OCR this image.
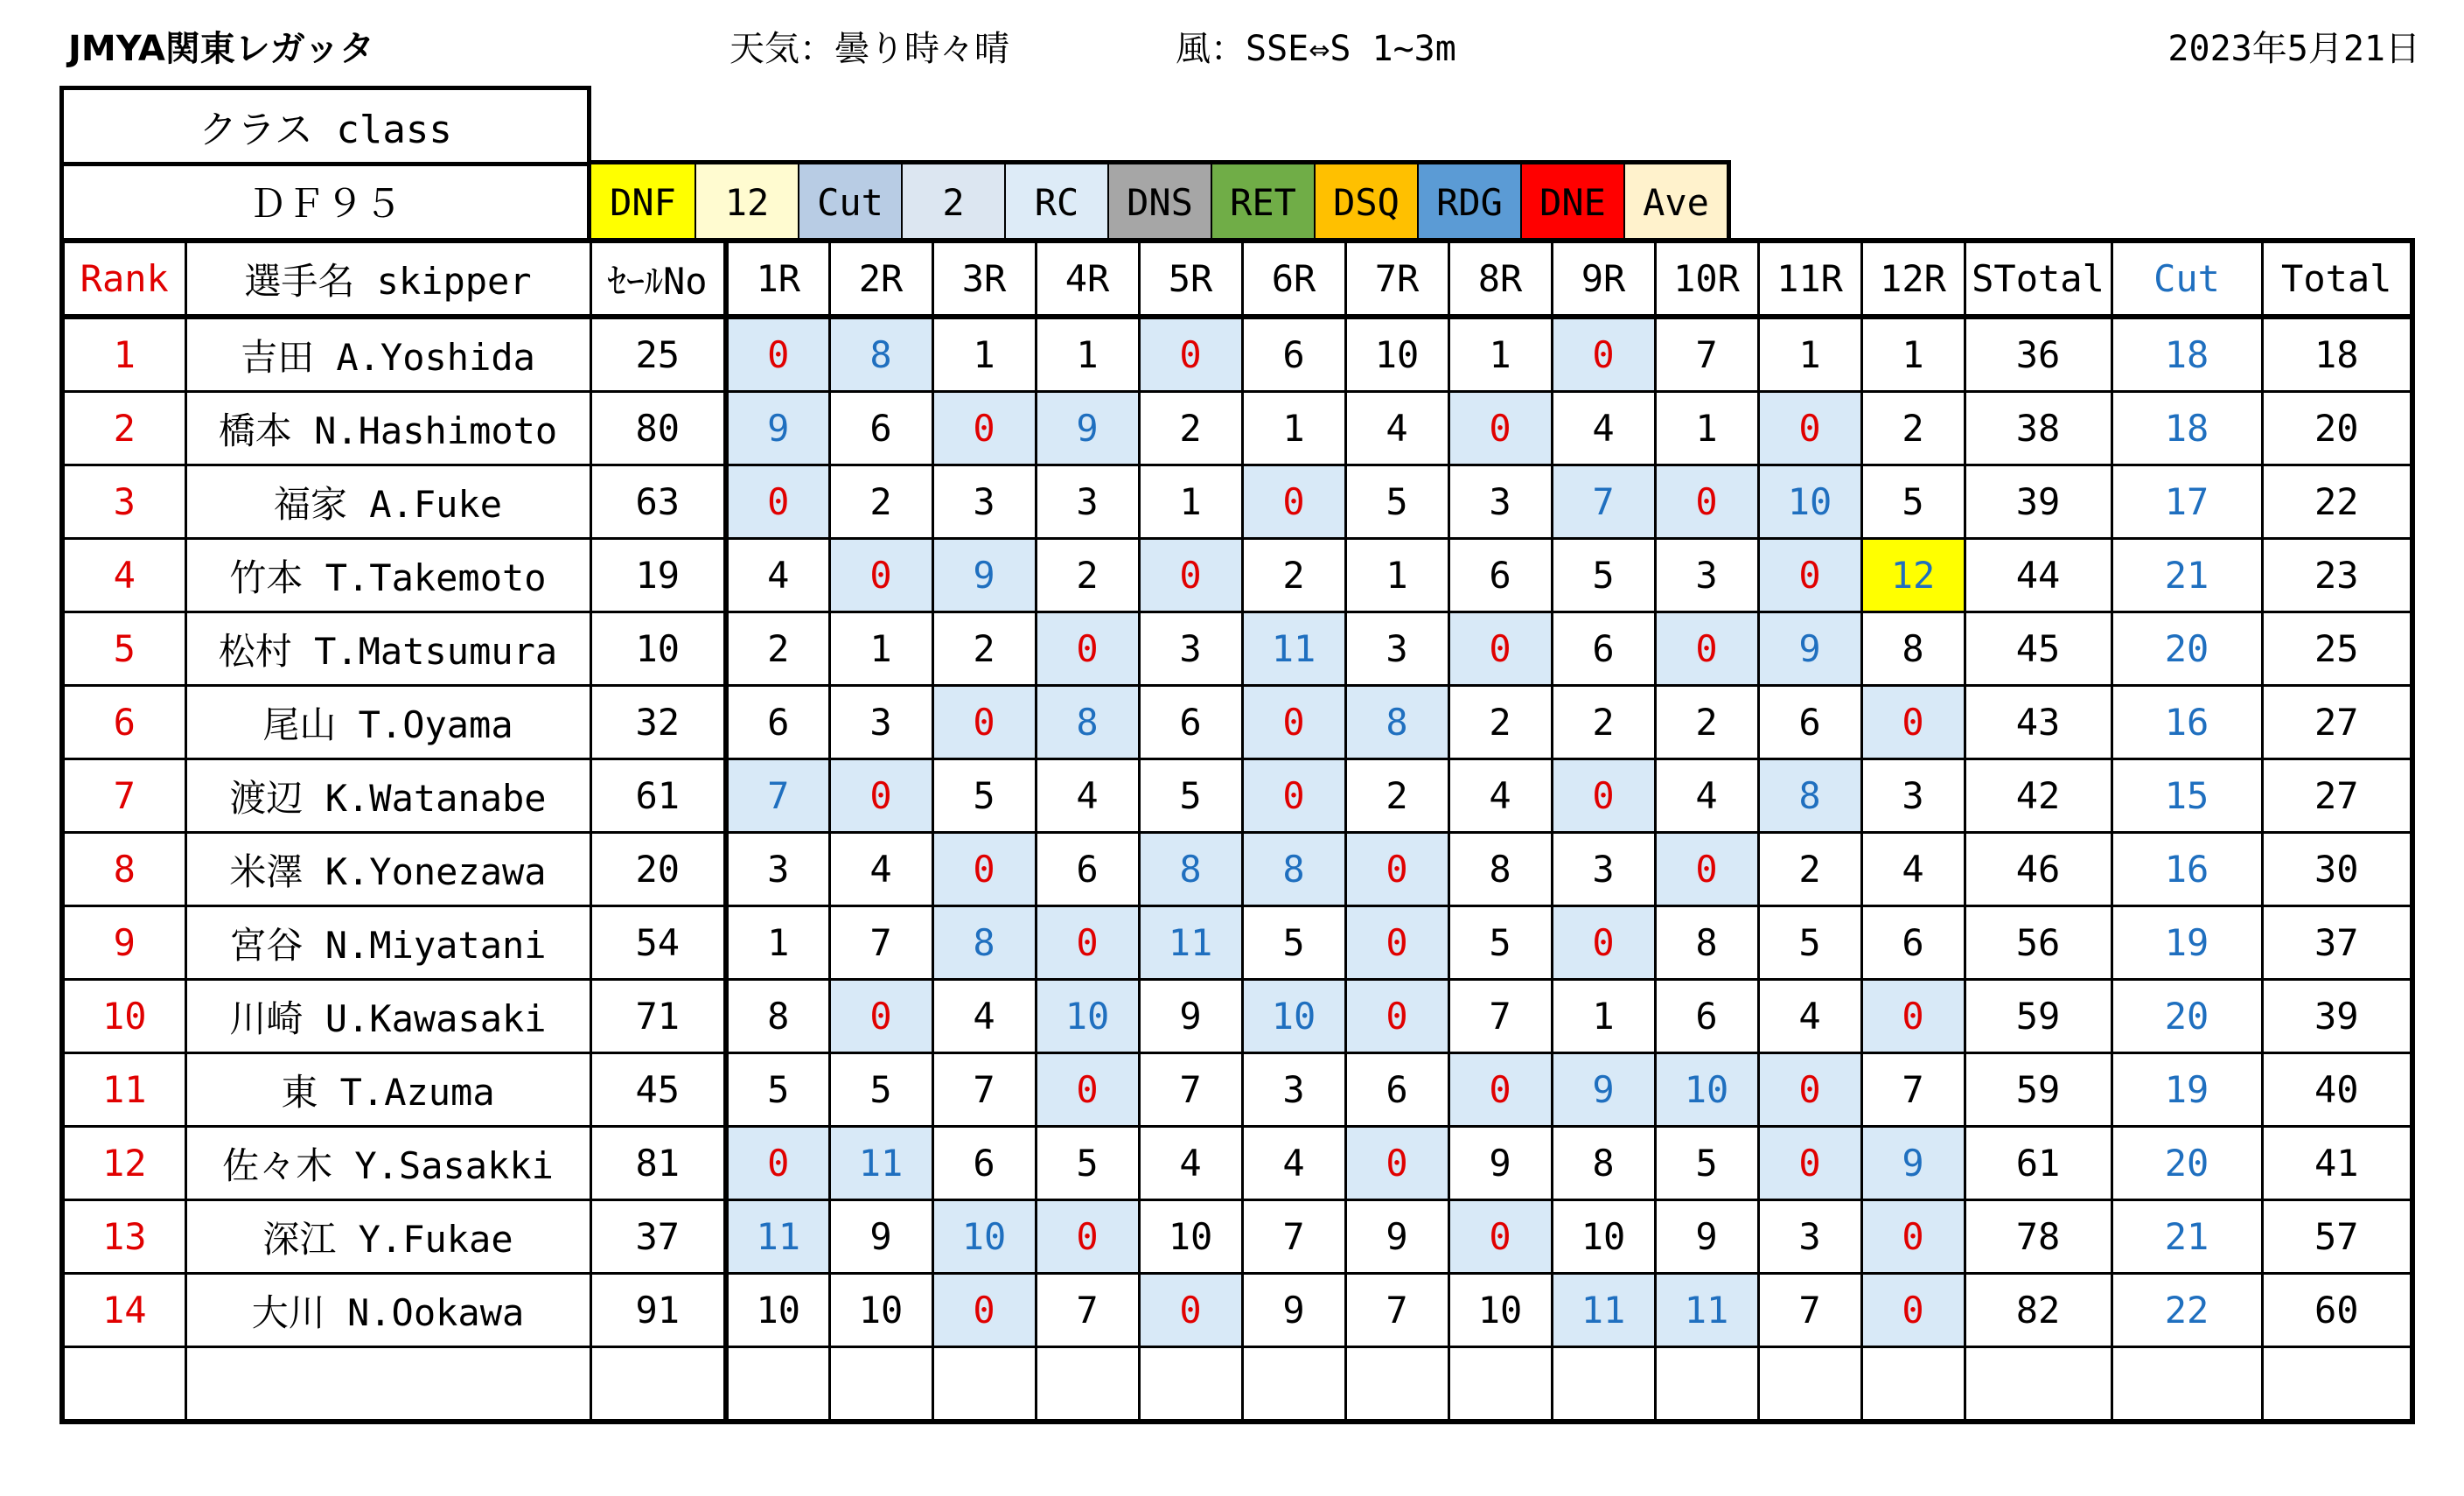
JMYA関東レガッタ	天気：曇り時々晴	風：SSE⇔S 1~3m	2023年5月21日
クラス class
ＤＦ９５	DNF	12	Cut	2	RC	DNS	RET	DSQ	RDG	DNE	Ave
Rank	選手名 skipper	ｾｰﾙNo	1R	2R	3R	4R	5R	6R	7R	8R	9R	10R	11R	12R	STotal	Cut	Total
1	吉田 A.Yoshida	25	0	8	1	1	0	6	10	1	0	7	1	1	36	18	18
2	橋本 N.Hashimoto	80	9	6	0	9	2	1	4	0	4	1	0	2	38	18	20
3	福家 A.Fuke	63	0	2	3	3	1	0	5	3	7	0	10	5	39	17	22
4	竹本 T.Takemoto	19	4	0	9	2	0	2	1	6	5	3	0	12	44	21	23
5	松村 T.Matsumura	10	2	1	2	0	3	11	3	0	6	0	9	8	45	20	25
6	尾山 T.Oyama	32	6	3	0	8	6	0	8	2	2	2	6	0	43	16	27
7	渡辺 K.Watanabe	61	7	0	5	4	5	0	2	4	0	4	8	3	42	15	27
8	米澤 K.Yonezawa	20	3	4	0	6	8	8	0	8	3	0	2	4	46	16	30
9	宮谷 N.Miyatani	54	1	7	8	0	11	5	0	5	0	8	5	6	56	19	37
10	川崎 U.Kawasaki	71	8	0	4	10	9	10	0	7	1	6	4	0	59	20	39
11	東 T.Azuma	45	5	5	7	0	7	3	6	0	9	10	0	7	59	19	40
12	佐々木 Y.Sasakki	81	0	11	6	5	4	4	0	9	8	5	0	9	61	20	41
13	深江 Y.Fukae	37	11	9	10	0	10	7	9	0	10	9	3	0	78	21	57
14	大川 N.Ookawa	91	10	10	0	7	0	9	7	10	11	11	7	0	82	22	60
